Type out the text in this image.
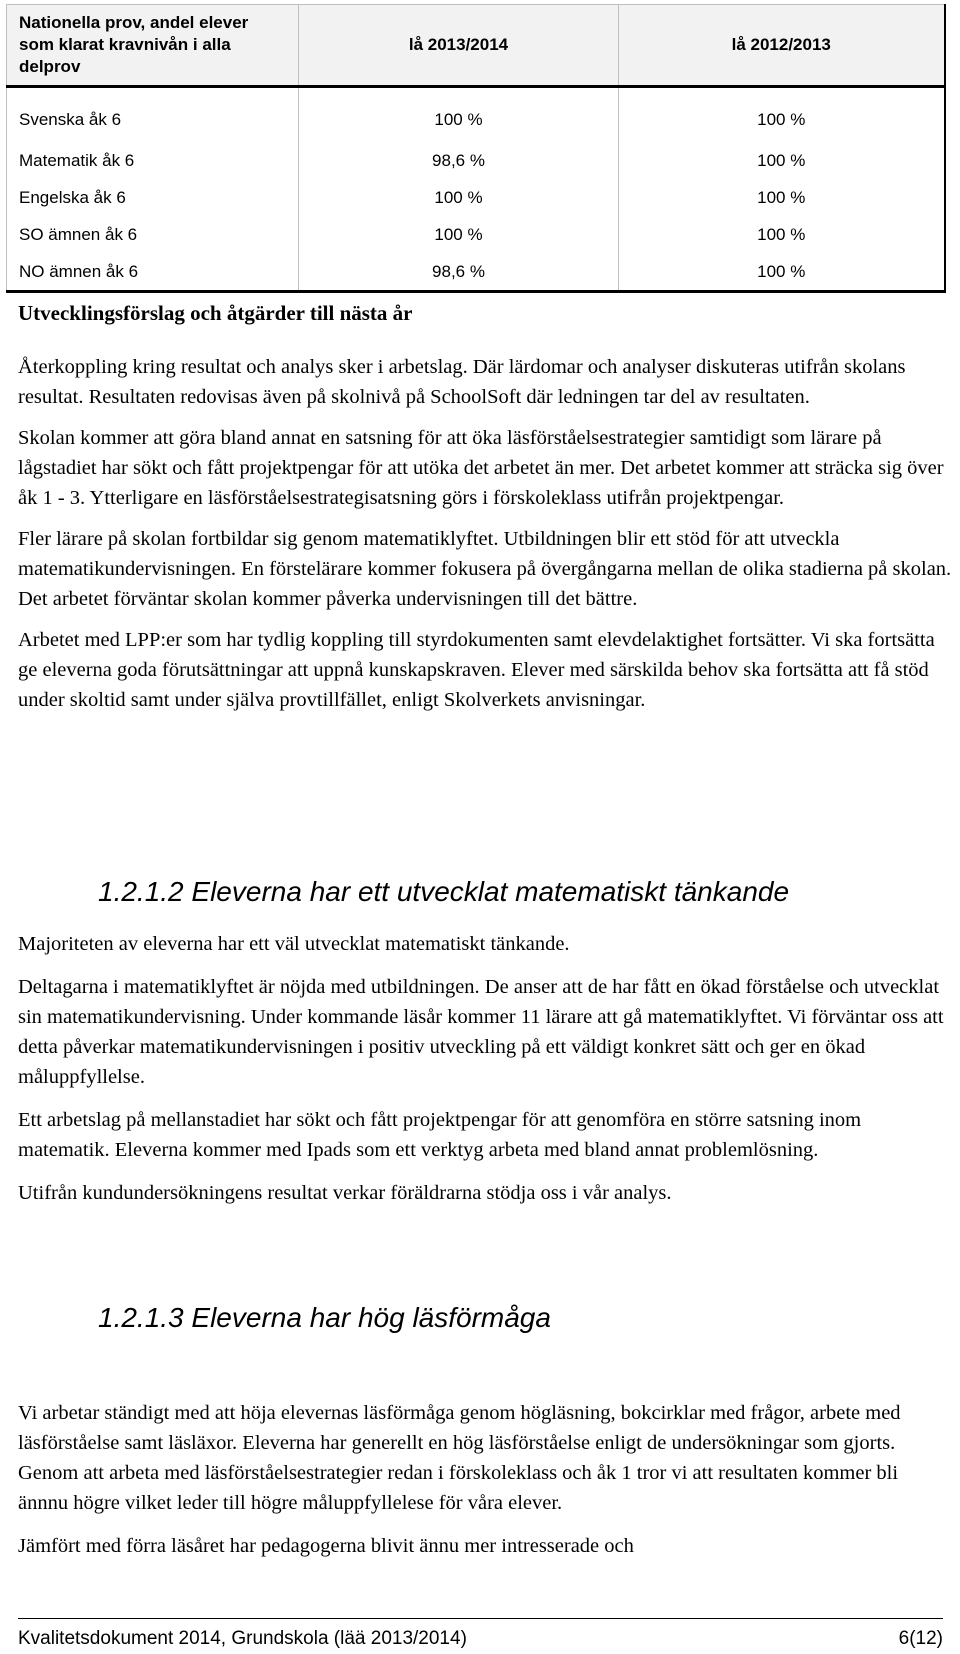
Nationella prov, andel elever som klarat kravnivån i alla delprov	lå 2013/2014	lå 2012/2013
Svenska åk 6	100 %	100 %
Matematik åk 6	98,6 %	100 %
Engelska åk 6	100 %	100 %
SO ämnen åk 6	100 %	100 %
NO ämnen åk 6	98,6 %	100 %
Utvecklingsförslag och åtgärder till nästa år

Återkoppling kring resultat och analys sker i arbetslag. Där lärdomar och analyser diskuteras utifrån skolans resultat. Resultaten redovisas även på skolnivå på SchoolSoft där ledningen tar del av resultaten.

Skolan kommer att göra bland annat en satsning för att öka läsförståelsestrategier samtidigt som lärare på lågstadiet har sökt och fått projektpengar för att utöka det arbetet än mer. Det arbetet kommer att sträcka sig över åk 1 - 3. Ytterligare en läsförståelsestrategisatsning görs i förskoleklass utifrån projektpengar.

Fler lärare på skolan fortbildar sig genom matematiklyftet. Utbildningen blir ett stöd för att utveckla matematikundervisningen. En förstelärare kommer fokusera på övergångarna mellan de olika stadierna på skolan. Det arbetet förväntar skolan kommer påverka undervisningen till det bättre.

Arbetet med LPP:er som har tydlig koppling till styrdokumenten samt elevdelaktighet fortsätter. Vi ska fortsätta ge eleverna goda förutsättningar att uppnå kunskapskraven. Elever med särskilda behov ska fortsätta att få stöd under skoltid samt under själva provtillfället, enligt Skolverkets anvisningar.

1.2.1.2 Eleverna har ett utvecklat matematiskt tänkande

Majoriteten av eleverna har ett väl utvecklat matematiskt tänkande.

Deltagarna i matematiklyftet är nöjda med utbildningen. De anser att de har fått en ökad förståelse och utvecklat sin matematikundervisning. Under kommande läsår kommer 11 lärare att gå matematiklyftet. Vi förväntar oss att detta påverkar matematikundervisningen i positiv utveckling på ett väldigt konkret sätt och ger en ökad måluppfyllelse.

Ett arbetslag på mellanstadiet har sökt och fått projektpengar för att genomföra en större satsning inom matematik. Eleverna kommer med Ipads som ett verktyg arbeta med bland annat problemlösning.

Utifrån kundundersökningens resultat verkar föräldrarna stödja oss i vår analys.

1.2.1.3 Eleverna har hög läsförmåga

Vi arbetar ständigt med att höja elevernas läsförmåga genom högläsning, bokcirklar med frågor, arbete med läsförståelse samt läsläxor. Eleverna har generellt en hög läsförståelse enligt de undersökningar som gjorts. Genom att arbeta med läsförståelsestrategier redan i förskoleklass och åk 1 tror vi att resultaten kommer bli ännnu högre vilket leder till högre måluppfyllelese för våra elever.

Jämfört med förra läsåret har pedagogerna blivit ännu mer intresserade och

Kvalitetsdokument 2014, Grundskola (lää 2013/2014)	6(12)
